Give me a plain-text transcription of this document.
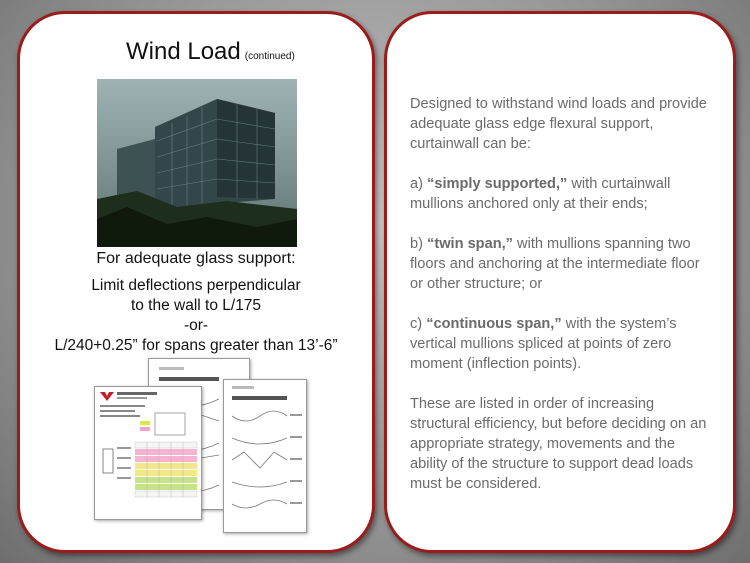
Wind Load (continued)
For adequate glass support:
Limit deflections perpendicular
to the wall to L/175
-or-
L/240+0.25” for spans greater than 13’-6”

Designed to withstand wind loads and provide adequate glass edge flexural support, curtainwall can be:

a) “simply supported,” with curtainwall mullions anchored only at their ends;

b) “twin span,” with mullions spanning two floors and anchoring at the intermediate floor or other structure; or

c) “continuous span,” with the system’s vertical mullions spliced at points of zero moment (inflection points).

These are listed in order of increasing structural efficiency, but before deciding on an appropriate strategy, movements and the ability of the structure to support dead loads must be considered.
